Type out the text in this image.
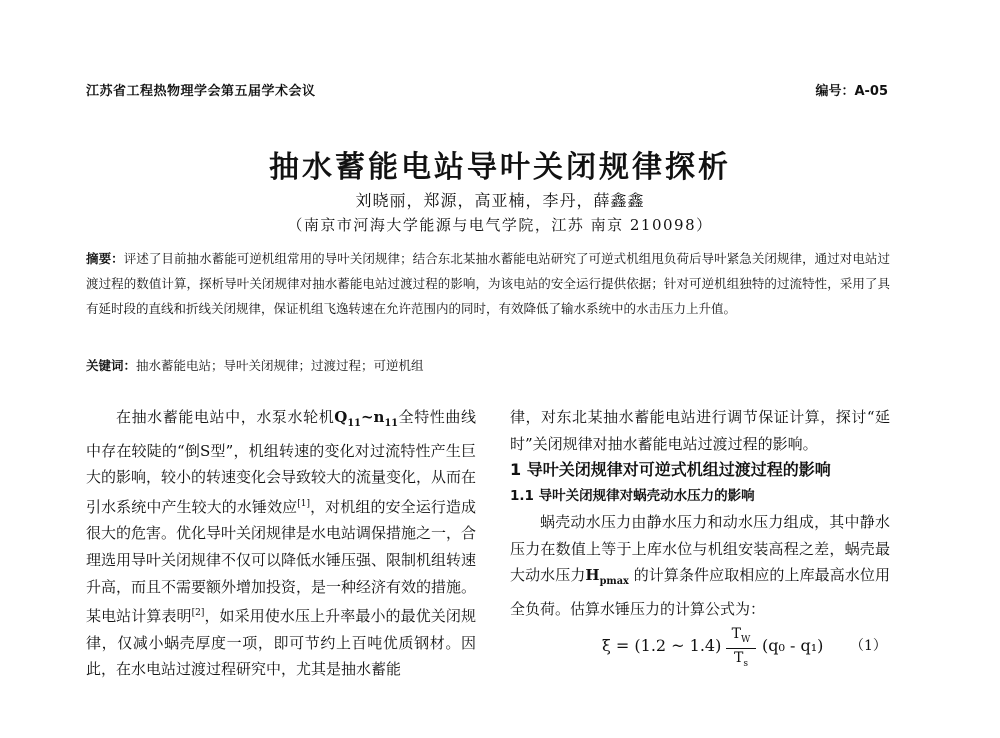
江苏省工程热物理学会第五届学术会议	编号：A-05
抽水蓄能电站导叶关闭规律探析
刘晓丽，郑源，高亚楠，李丹，薛鑫鑫
（南京市河海大学能源与电气学院，江苏 南京 210098）
摘要：评述了目前抽水蓄能可逆机组常用的导叶关闭规律；结合东北某抽水蓄能电站研究了可逆式机组甩负荷后导叶紧急关闭规律，通过对电站过渡过程的数值计算，探析导叶关闭规律对抽水蓄能电站过渡过程的影响，为该电站的安全运行提供依据；针对可逆机组独特的过流特性，采用了具有延时段的直线和折线关闭规律，保证机组飞逸转速在允许范围内的同时，有效降低了输水系统中的水击压力上升值。
关键词：抽水蓄能电站；导叶关闭规律；过渡过程；可逆机组

在抽水蓄能电站中，水泵水轮机$Q_{11}\sim n_{11}$全特性曲线中存在较陡的“倒S型”，机组转速的变化对过流特性产生巨大的影响，较小的转速变化会导致较大的流量变化，从而在引水系统中产生较大的水锤效应[1]，对机组的安全运行造成很大的危害。优化导叶关闭规律是水电站调保措施之一，合理选用导叶关闭规律不仅可以降低水锤压强、限制机组转速升高，而且不需要额外增加投资，是一种经济有效的措施。某电站计算表明[2]，如采用使水压上升率最小的最优关闭规律，仅减小蜗壳厚度一项，即可节约上百吨优质钢材。因此，在水电站过渡过程研究中，尤其是抽水蓄能

律，对东北某抽水蓄能电站进行调节保证计算，探讨“延时”关闭规律对抽水蓄能电站过渡过程的影响。

1 导叶关闭规律对可逆式机组过渡过程的影响

1.1 导叶关闭规律对蜗壳动水压力的影响

蜗壳动水压力由静水压力和动水压力组成，其中静水压力在数值上等于上库水位与机组安装高程之差，蜗壳最大动水压力$H_{pmax}$ 的计算条件应取相应的上库最高水位用全负荷。估算水锤压力的计算公式为：

ξ = (1.2 ~ $1.4) \frac{T_W}{T_s} (q_0 - q_1)$ （1）
